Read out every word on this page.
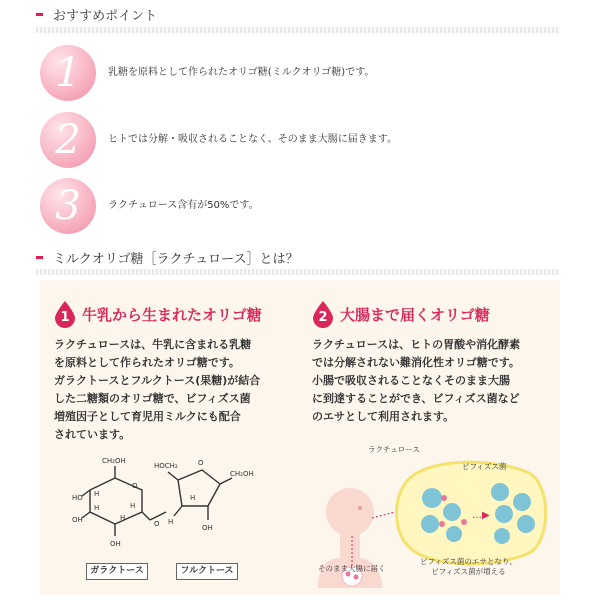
おすすめポイント
1	乳糖を原料として作られたオリゴ糖(ミルクオリゴ糖)です。
2	ヒトでは分解・吸収されることなく、そのまま大腸に届きます。
3	ラクチュロース含有が50%です。
ミルクオリゴ糖［ラクチュロース］とは？
1 牛乳から生まれたオリゴ糖
ラクチュロースは、牛乳に含まれる乳糖
を原料として作られたオリゴ糖です。
ガラクトースとフルクトース(果糖)が結合
した二糖類のオリゴ糖で、ビフィズス菌
増殖因子として育児用ミルクにも配合
されています。
2 大腸まで届くオリゴ糖
ラクチュロースは、ヒトの胃酸や消化酵素
では分解されない難消化性オリゴ糖です。
小腸で吸収されることなくそのまま大腸
に到達することができ、ビフィズス菌など
のエサとして利用されます。
CH₂OH
HO H
OH
H
O
H
OH
H
O
HOCH₂	O
CH₂OH
OH
H
H
ガラクトース	フルクトース
…▶
ラクチュロース
ビフィズス菌
そのまま大腸に届く
ビフィズス菌のエサとなり、
ビフィズス菌が増える
